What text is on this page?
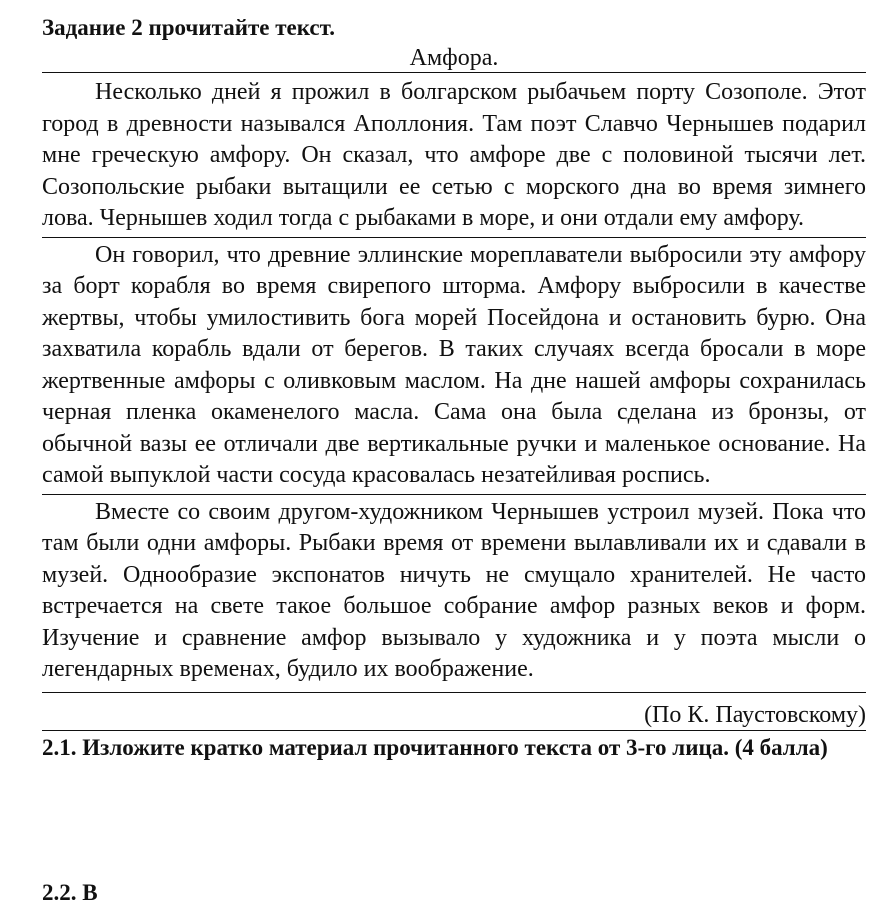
Задание 2 прочитайте текст.

Амфора.

Несколько дней я прожил в болгарском рыбачьем порту Созополе. Этот город в древности назывался Аполлония. Там поэт Славчо Чернышев подарил мне греческую амфору. Он сказал, что амфоре две с половиной тысячи лет. Созопольские рыбаки вытащили ее сетью с морского дна во время зимнего лова. Чернышев ходил тогда с рыбаками в море, и они отдали ему амфору.

Он говорил, что древние эллинские мореплаватели выбросили эту амфору за борт корабля во время свирепого шторма. Амфору выбросили в качестве жертвы, чтобы умилостивить бога морей Посейдона и остановить бурю. Она захватила корабль вдали от берегов. В таких случаях всегда бросали в море жертвенные амфоры с оливковым маслом. На дне нашей амфоры сохранилась черная пленка окаменелого масла. Сама она была сделана из бронзы, от обычной вазы ее отличали две вертикальные ручки и маленькое основание. На самой выпуклой части сосуда красовалась незатейливая роспись.

Вместе со своим другом-художником Чернышев устроил музей. Пока что там были одни амфоры. Рыбаки время от времени вылавливали их и сдавали в музей. Однообразие экспонатов ничуть не смущало хранителей. Не часто встречается на свете такое большое собрание амфор разных веков и форм. Изучение и сравнение амфор вызывало у художника и у поэта мысли о легендарных временах, будило их воображение.

(По К. Паустовскому)

2.1. Изложите кратко материал прочитанного текста от 3-го лица. (4 балла)

2.2. В
